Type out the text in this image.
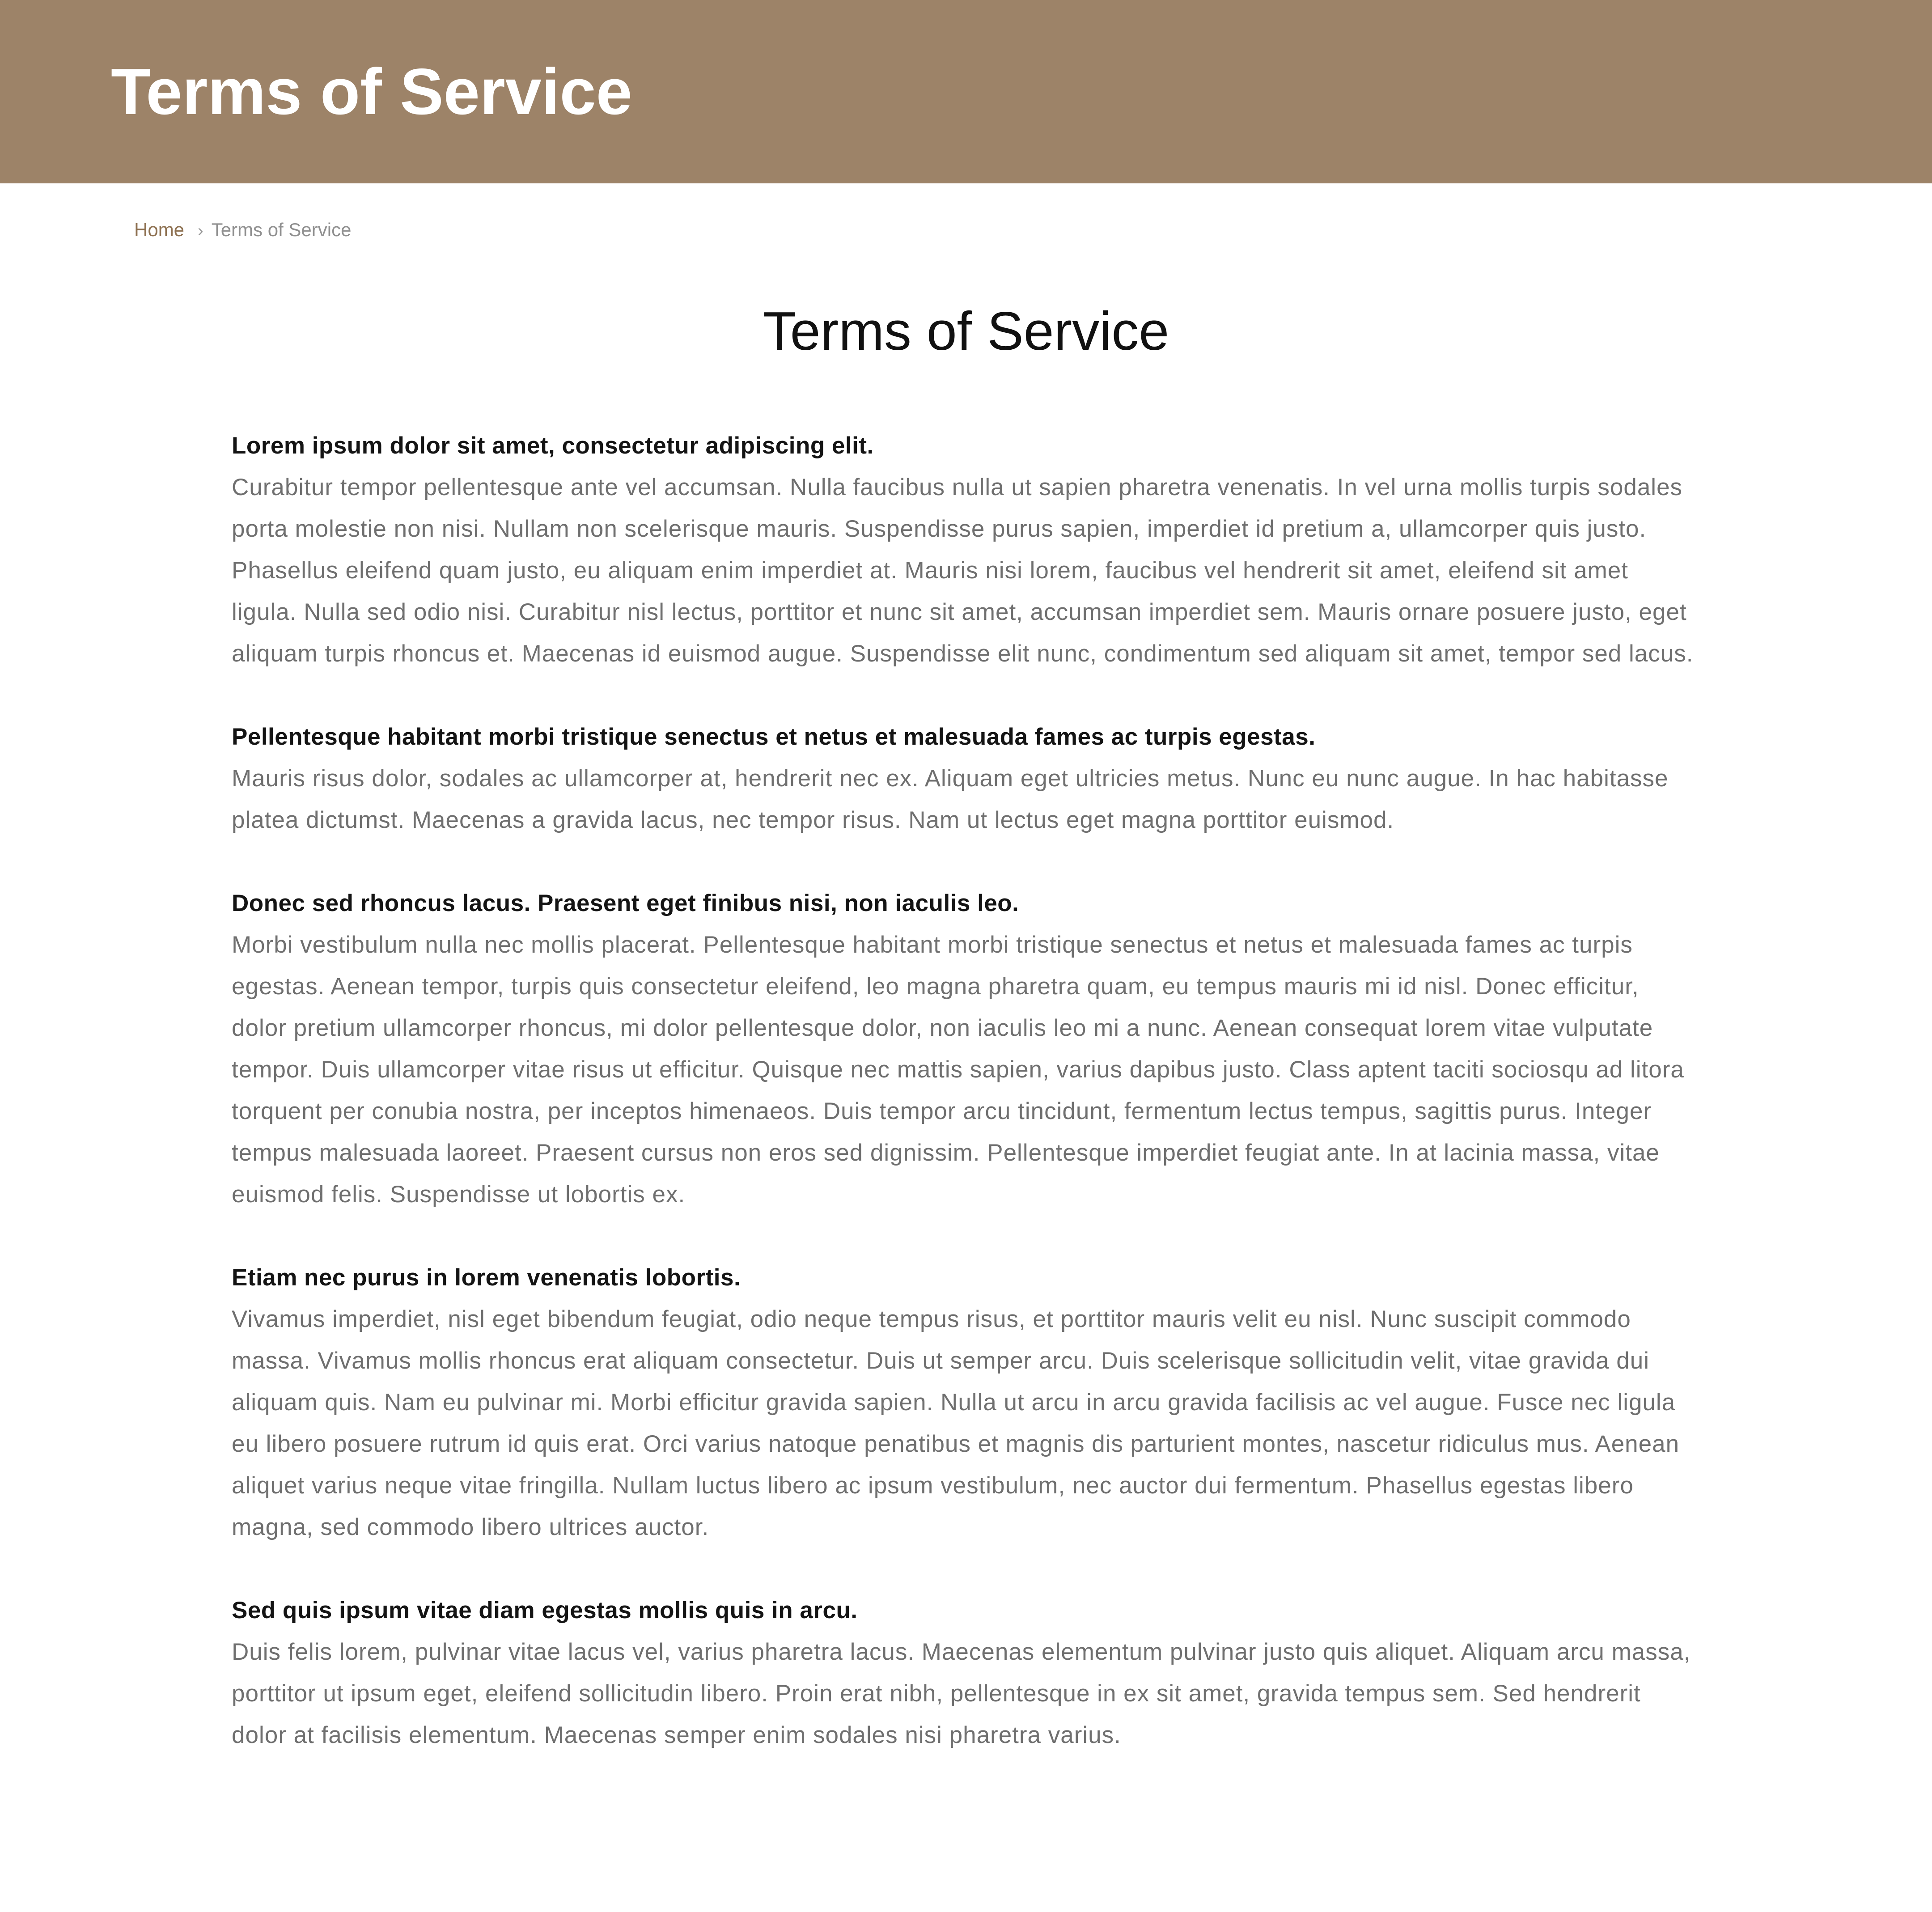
Terms of Service
Home › Terms of Service
Terms of Service

Lorem ipsum dolor sit amet, consectetur adipiscing elit.

Curabitur tempor pellentesque ante vel accumsan. Nulla faucibus nulla ut sapien pharetra venenatis. In vel urna mollis turpis sodales porta molestie non nisi. Nullam non scelerisque mauris. Suspendisse purus sapien, imperdiet id pretium a, ullamcorper quis justo. Phasellus eleifend quam justo, eu aliquam enim imperdiet at. Mauris nisi lorem, faucibus vel hendrerit sit amet, eleifend sit amet ligula. Nulla sed odio nisi. Curabitur nisl lectus, porttitor et nunc sit amet, accumsan imperdiet sem. Mauris ornare posuere justo, eget aliquam turpis rhoncus et. Maecenas id euismod augue. Suspendisse elit nunc, condimentum sed aliquam sit amet, tempor sed lacus.

Pellentesque habitant morbi tristique senectus et netus et malesuada fames ac turpis egestas.

Mauris risus dolor, sodales ac ullamcorper at, hendrerit nec ex. Aliquam eget ultricies metus. Nunc eu nunc augue. In hac habitasse platea dictumst. Maecenas a gravida lacus, nec tempor risus. Nam ut lectus eget magna porttitor euismod.

Donec sed rhoncus lacus. Praesent eget finibus nisi, non iaculis leo.

Morbi vestibulum nulla nec mollis placerat. Pellentesque habitant morbi tristique senectus et netus et malesuada fames ac turpis egestas. Aenean tempor, turpis quis consectetur eleifend, leo magna pharetra quam, eu tempus mauris mi id nisl. Donec efficitur, dolor pretium ullamcorper rhoncus, mi dolor pellentesque dolor, non iaculis leo mi a nunc. Aenean consequat lorem vitae vulputate tempor. Duis ullamcorper vitae risus ut efficitur. Quisque nec mattis sapien, varius dapibus justo. Class aptent taciti sociosqu ad litora torquent per conubia nostra, per inceptos himenaeos. Duis tempor arcu tincidunt, fermentum lectus tempus, sagittis purus. Integer tempus malesuada laoreet. Praesent cursus non eros sed dignissim. Pellentesque imperdiet feugiat ante. In at lacinia massa, vitae euismod felis. Suspendisse ut lobortis ex.

Etiam nec purus in lorem venenatis lobortis.

Vivamus imperdiet, nisl eget bibendum feugiat, odio neque tempus risus, et porttitor mauris velit eu nisl. Nunc suscipit commodo massa. Vivamus mollis rhoncus erat aliquam consectetur. Duis ut semper arcu. Duis scelerisque sollicitudin velit, vitae gravida dui aliquam quis. Nam eu pulvinar mi. Morbi efficitur gravida sapien. Nulla ut arcu in arcu gravida facilisis ac vel augue. Fusce nec ligula eu libero posuere rutrum id quis erat. Orci varius natoque penatibus et magnis dis parturient montes, nascetur ridiculus mus. Aenean aliquet varius neque vitae fringilla. Nullam luctus libero ac ipsum vestibulum, nec auctor dui fermentum. Phasellus egestas libero magna, sed commodo libero ultrices auctor.

Sed quis ipsum vitae diam egestas mollis quis in arcu.

Duis felis lorem, pulvinar vitae lacus vel, varius pharetra lacus. Maecenas elementum pulvinar justo quis aliquet. Aliquam arcu massa, porttitor ut ipsum eget, eleifend sollicitudin libero. Proin erat nibh, pellentesque in ex sit amet, gravida tempus sem. Sed hendrerit dolor at facilisis elementum. Maecenas semper enim sodales nisi pharetra varius.
